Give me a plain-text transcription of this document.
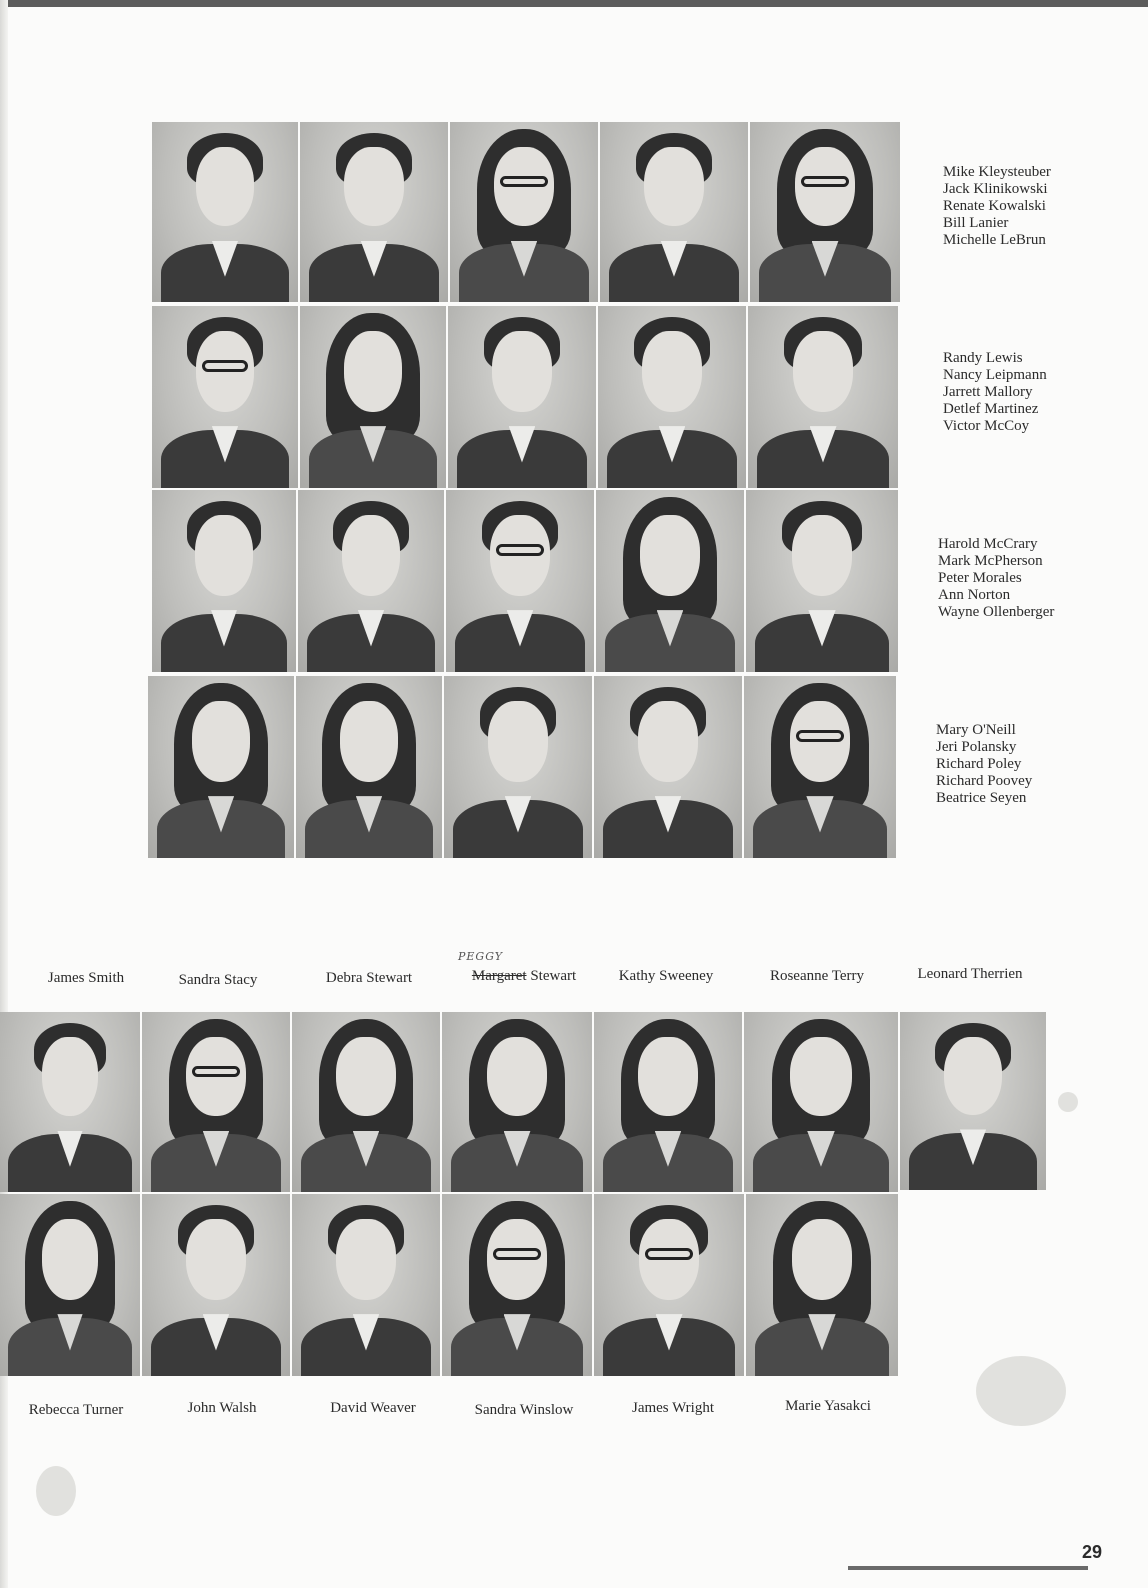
Mike Kleysteuber
Jack Klinikowski
Renate Kowalski
Bill Lanier
Michelle LeBrun
Randy Lewis
Nancy Leipmann
Jarrett Mallory
Detlef Martinez
Victor McCoy
Harold McCrary
Mark McPherson
Peter Morales
Ann Norton
Wayne Ollenberger
Mary O'Neill
Jeri Polansky
Richard Poley
Richard Poovey
Beatrice Seyen
James Smith	Sandra Stacy	Debra Stewart
PEGGY
Margaret Stewart	Kathy Sweeney	Roseanne Terry	Leonard Therrien
Rebecca Turner	John Walsh	David Weaver	Sandra Winslow	James Wright	Marie Yasakci
29
